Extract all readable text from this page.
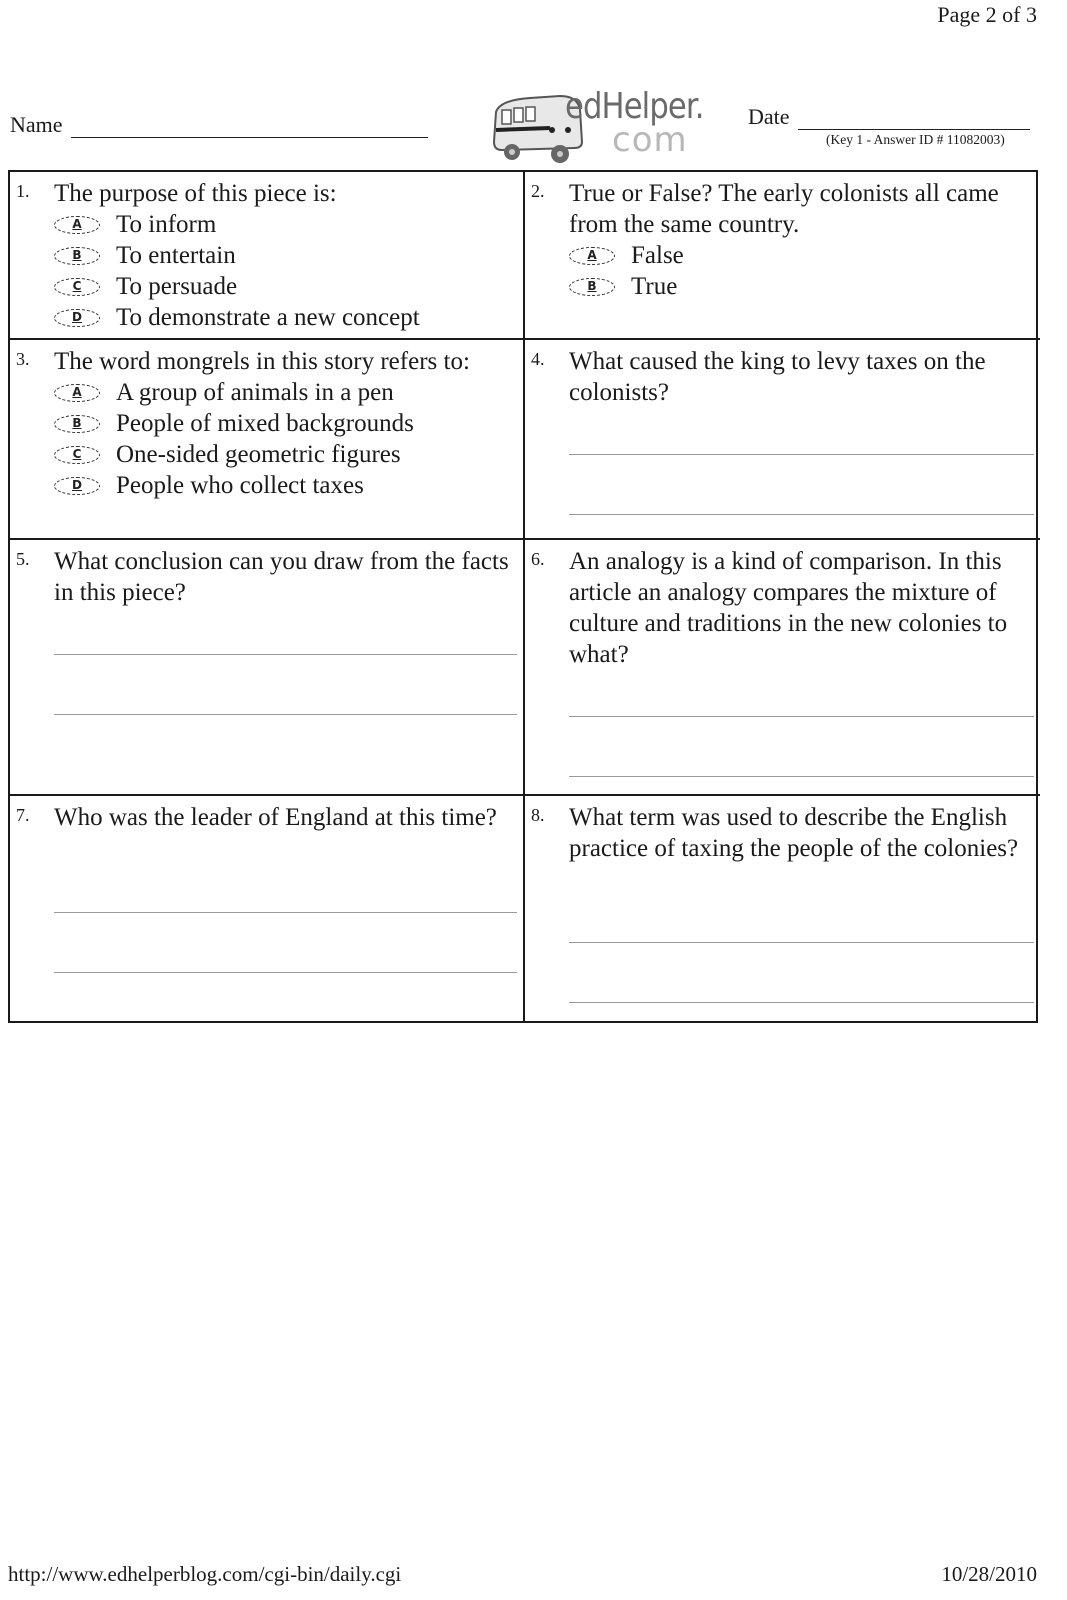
Page 2 of 3
Name	edHelper.
com
Date
(Key 1 - Answer ID # 11082003)
1. The purpose of this piece is:
A	To inform
B	To entertain
C	To persuade
D	To demonstrate a new concept
2. True or False? The early colonists all came from the same country.
A	False
B	True
3. The word mongrels in this story refers to:
A	A group of animals in a pen
B	People of mixed backgrounds
C	One-sided geometric figures
D	People who collect taxes
4. What caused the king to levy taxes on the colonists?
5. What conclusion can you draw from the facts in this piece?
6. An analogy is a kind of comparison. In this article an analogy compares the mixture of culture and traditions in the new colonies to what?
7. Who was the leader of England at this time? 8. What term was used to describe the English practice of taxing the people of the colonies?
http://www.edhelperblog.com/cgi-bin/daily.cgi	10/28/2010
